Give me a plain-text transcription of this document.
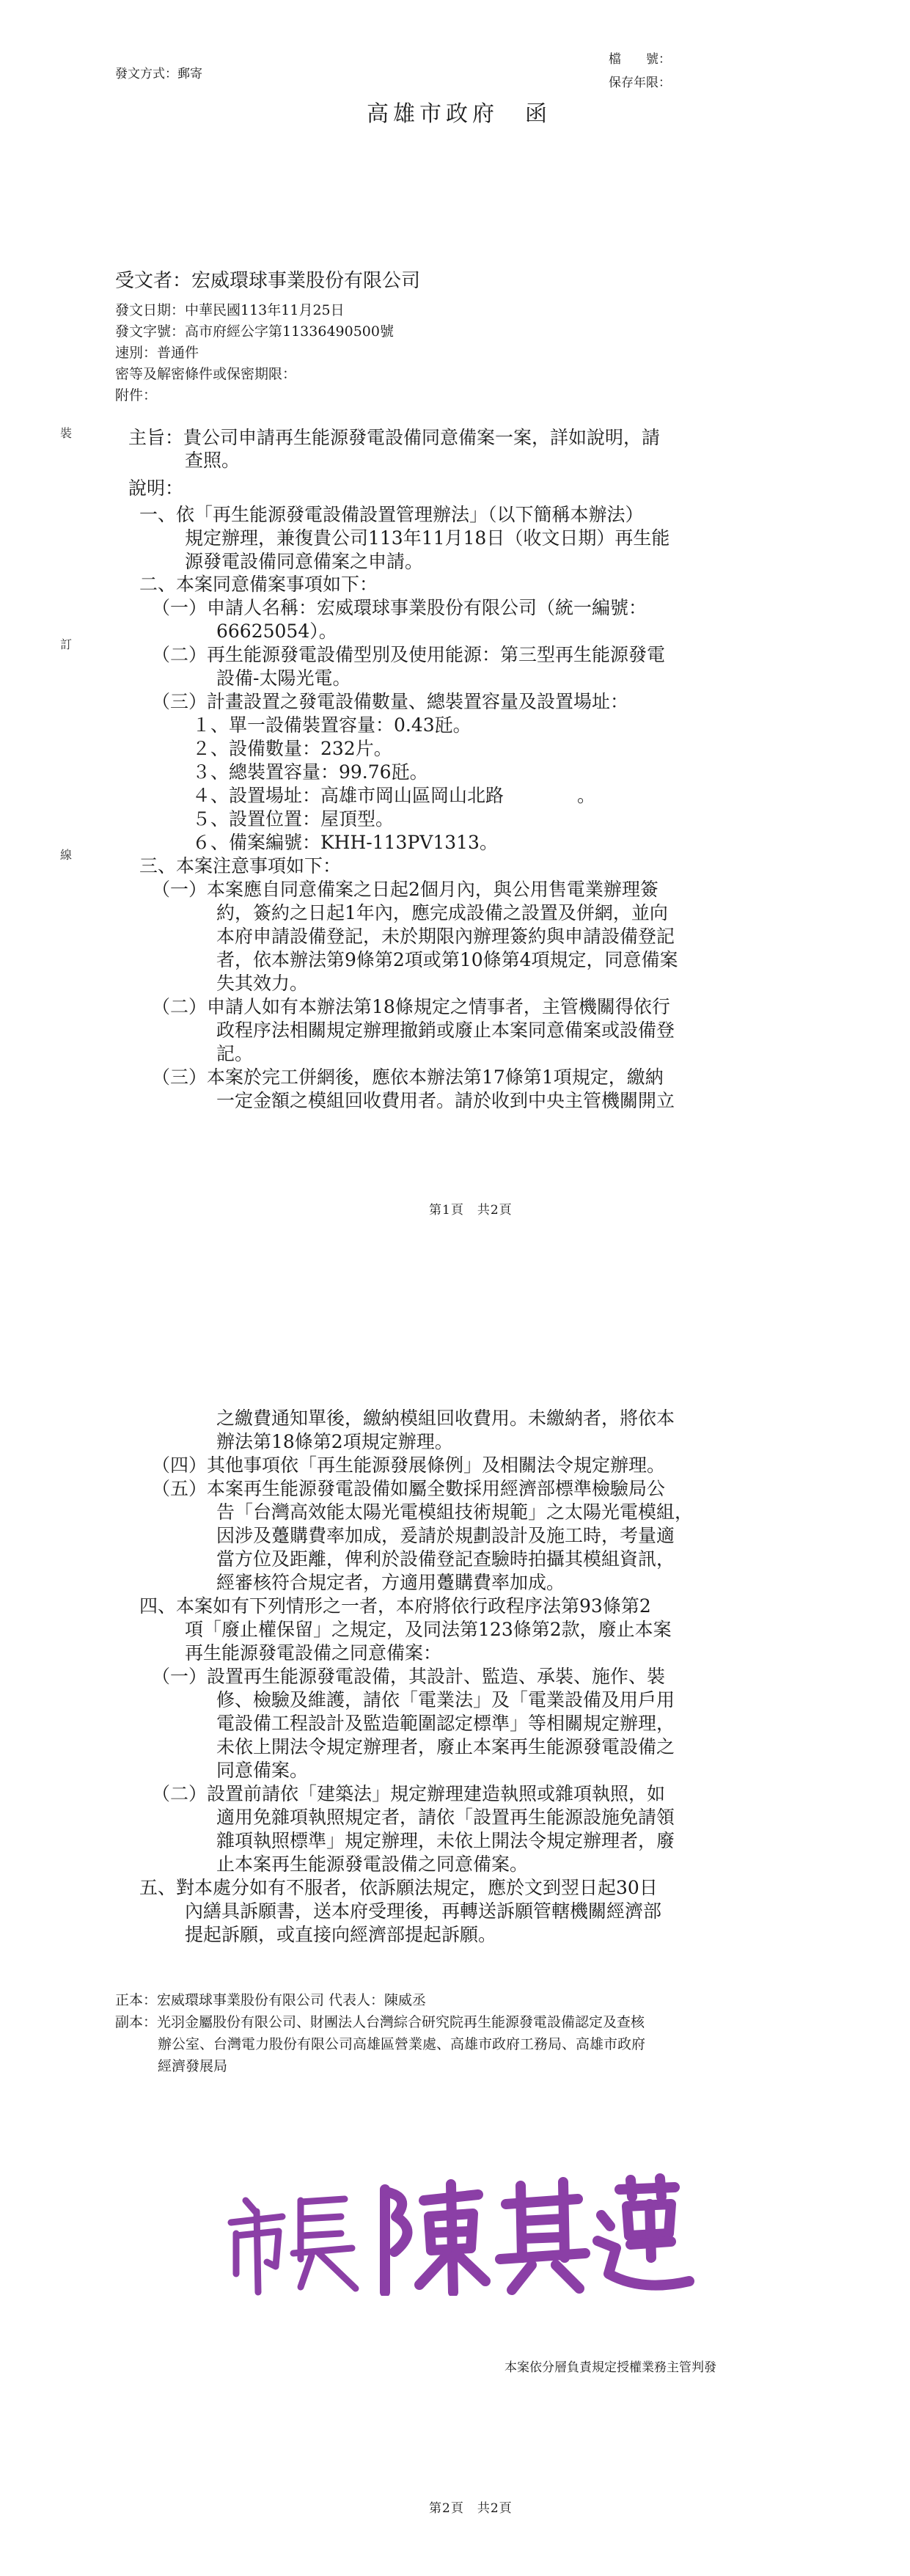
發文方式：郵寄
檔　　號：
保存年限：
高雄市政府　函
受文者：宏威環球事業股份有限公司
發文日期：中華民國113年11月25日
發文字號：高市府經公字第11336490500號
速別：普通件
密等及解密條件或保密期限：
附件：
裝
訂
線
主旨：貴公司申請再生能源發電設備同意備案一案，詳如說明，請
查照。
說明：
一、依「再生能源發電設備設置管理辦法」（以下簡稱本辦法）
規定辦理，兼復貴公司113年11月18日（收文日期）再生能
源發電設備同意備案之申請。
二、本案同意備案事項如下：
（一）申請人名稱：宏威環球事業股份有限公司（統一編號：
66625054）。
（二）再生能源發電設備型別及使用能源：第三型再生能源發電
設備-太陽光電。
（三）計畫設置之發電設備數量、總裝置容量及設置場址：
１、單一設備裝置容量：0.43瓩。
２、設備數量：232片。
３、總裝置容量：99.76瓩。
４、設置場址：高雄市岡山區岡山北路　　　　。
５、設置位置：屋頂型。
６、備案編號：KHH-113PV1313。
三、本案注意事項如下：
（一）本案應自同意備案之日起2個月內，與公用售電業辦理簽
約，簽約之日起1年內，應完成設備之設置及併網，並向
本府申請設備登記，未於期限內辦理簽約與申請設備登記
者，依本辦法第9條第2項或第10條第4項規定，同意備案
失其效力。
（二）申請人如有本辦法第18條規定之情事者，主管機關得依行
政程序法相關規定辦理撤銷或廢止本案同意備案或設備登
記。
（三）本案於完工併網後，應依本辦法第17條第1項規定，繳納
一定金額之模組回收費用者。請於收到中央主管機關開立
第1頁　共2頁
之繳費通知單後，繳納模組回收費用。未繳納者，將依本
辦法第18條第2項規定辦理。
（四）其他事項依「再生能源發展條例」及相關法令規定辦理。
（五）本案再生能源發電設備如屬全數採用經濟部標準檢驗局公
告「台灣高效能太陽光電模組技術規範」之太陽光電模組，
因涉及躉購費率加成，爰請於規劃設計及施工時，考量適
當方位及距離，俾利於設備登記查驗時拍攝其模組資訊，
經審核符合規定者，方適用躉購費率加成。
四、本案如有下列情形之一者，本府將依行政程序法第93條第2
項「廢止權保留」之規定，及同法第123條第2款，廢止本案
再生能源發電設備之同意備案：
（一）設置再生能源發電設備，其設計、監造、承裝、施作、裝
修、檢驗及維護，請依「電業法」及「電業設備及用戶用
電設備工程設計及監造範圍認定標準」等相關規定辦理，
未依上開法令規定辦理者，廢止本案再生能源發電設備之
同意備案。
（二）設置前請依「建築法」規定辦理建造執照或雜項執照，如
適用免雜項執照規定者，請依「設置再生能源設施免請領
雜項執照標準」規定辦理，未依上開法令規定辦理者，廢
止本案再生能源發電設備之同意備案。
五、對本處分如有不服者，依訴願法規定，應於文到翌日起30日
內繕具訴願書，送本府受理後，再轉送訴願管轄機關經濟部
提起訴願，或直接向經濟部提起訴願。
正本：宏威環球事業股份有限公司 代表人：陳威丞
副本：光羽金屬股份有限公司、財團法人台灣綜合研究院再生能源發電設備認定及查核
辦公室、台灣電力股份有限公司高雄區營業處、高雄市政府工務局、高雄市政府
經濟發展局
本案依分層負責規定授權業務主管判發
第2頁　共2頁
